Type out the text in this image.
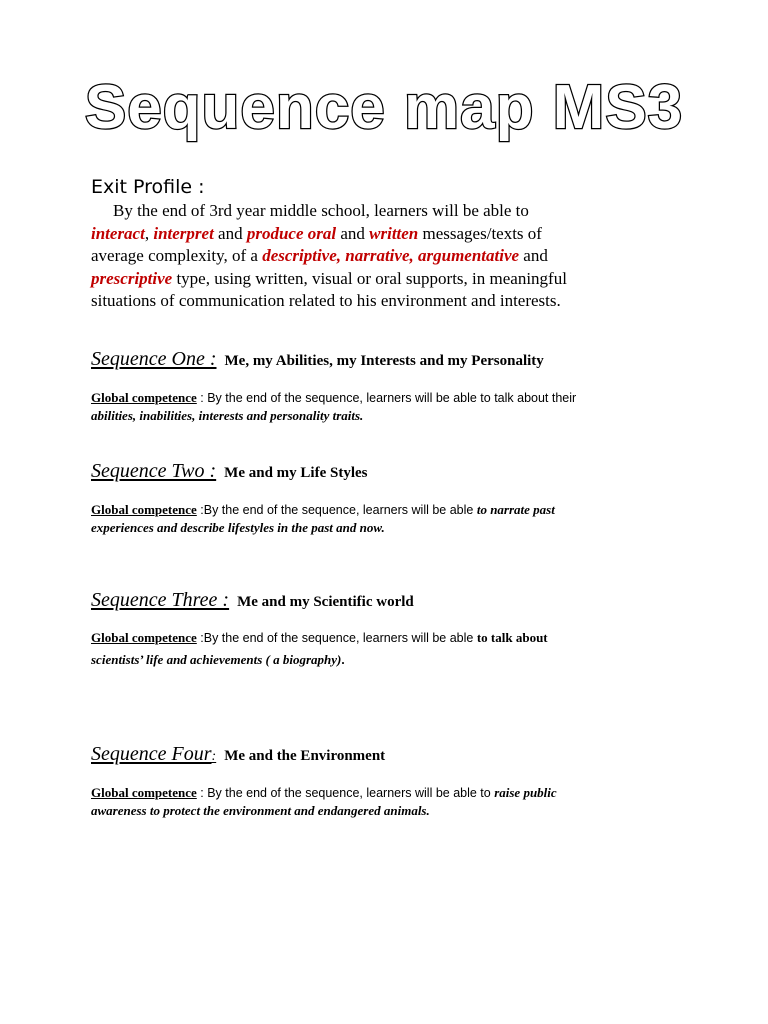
Sequence map MS3
Exit Profile :
By the end of 3rd year middle school, learners will be able to
interact, interpret and produce oral and written messages/texts of
average complexity, of a descriptive, narrative, argumentative and
prescriptive type, using written, visual or oral supports, in meaningful
situations of communication related to his environment and interests.
Sequence One : Me, my Abilities, my Interests and my Personality
Global competence : By the end of the sequence, learners will be able to talk about their
abilities, inabilities, interests and personality traits.
Sequence Two : Me and my Life Styles
Global competence :By the end of the sequence, learners will be able to narrate past
experiences and describe lifestyles in the past and now.
Sequence Three : Me and my Scientific world
Global competence :By the end of the sequence, learners will be able to talk about
scientists’ life and achievements ( a biography).
Sequence Four: Me and the Environment
Global competence : By the end of the sequence, learners will be able to raise public
awareness to protect the environment and endangered animals.
